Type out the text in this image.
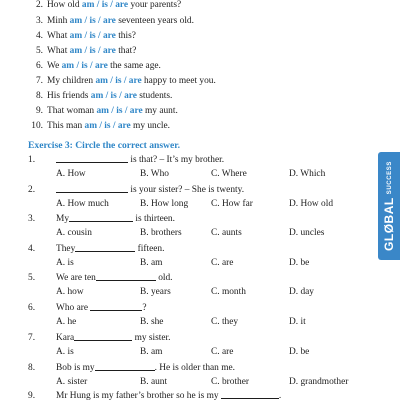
2. How old am / is / are your parents?
3. Minh am / is / are seventeen years old.
4. What am / is / are this?
5. What am / is / are that?
6. We am / is / are the same age.
7. My children am / is / are happy to meet you.
8. His friends am / is / are students.
9. That woman am / is / are my aunt.
10. This man am / is / are my uncle.
Exercise 3: Circle the correct answer.
1.	is that? – It’s my brother.
A. How	B. Who	C. Where	D. Which
2.	is your sister? – She is twenty.
A. How much	B. How long C. How far	D. How old
3. My	is thirteen.
A. cousin	B. brothers	C. aunts	D. uncles
4. They	fifteen.
A. is	B. am	C. are	D. be
5. We are ten	old.
A. how	B. years	C. month	D. day
6. Who are	?
A. he	B. she	C. they	D. it
7. Kara	my sister.
A. is	B. am	C. are	D. be
8. Bob is my	. He is older than me.
A. sister	B. aunt	C. brother	D. grandmother
9. Mr Hung is my father’s brother so he is my	.
GLØBALSUCCESS
